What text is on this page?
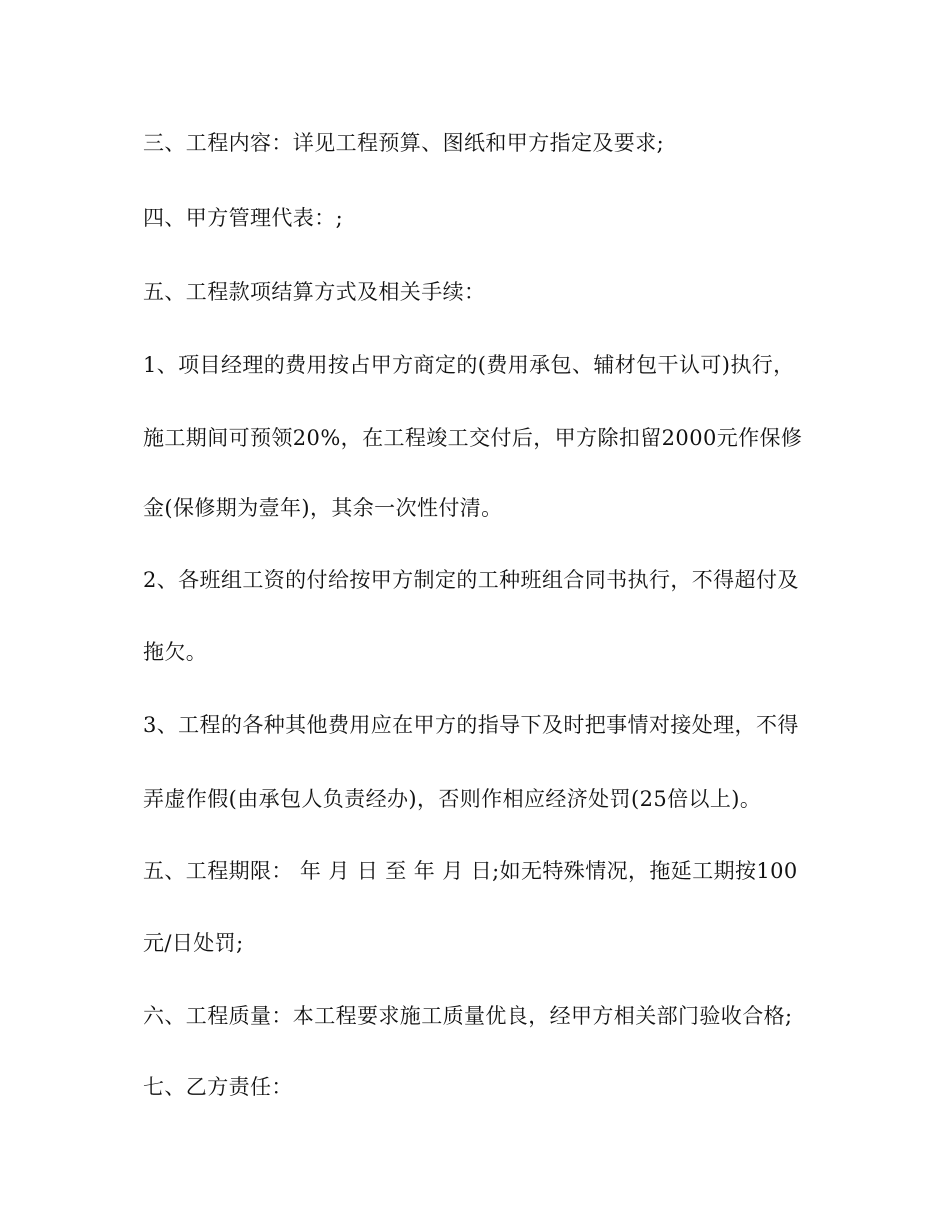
三、工程内容：详见工程预算、图纸和甲方指定及要求;
四、甲方管理代表：;
五、工程款项结算方式及相关手续：
1、项目经理的费用按占甲方商定的(费用承包、辅材包干认可)执行，
施工期间可预领20%，在工程竣工交付后，甲方除扣留2000元作保修
金(保修期为壹年)，其余一次性付清。
2、各班组工资的付给按甲方制定的工种班组合同书执行，不得超付及
拖欠。
3、工程的各种其他费用应在甲方的指导下及时把事情对接处理，不得
弄虚作假(由承包人负责经办)，否则作相应经济处罚(25倍以上)。
五、工程期限： 年 月 日 至 年 月 日;如无特殊情况，拖延工期按100
元/日处罚;
六、工程质量：本工程要求施工质量优良，经甲方相关部门验收合格;
七、乙方责任：
